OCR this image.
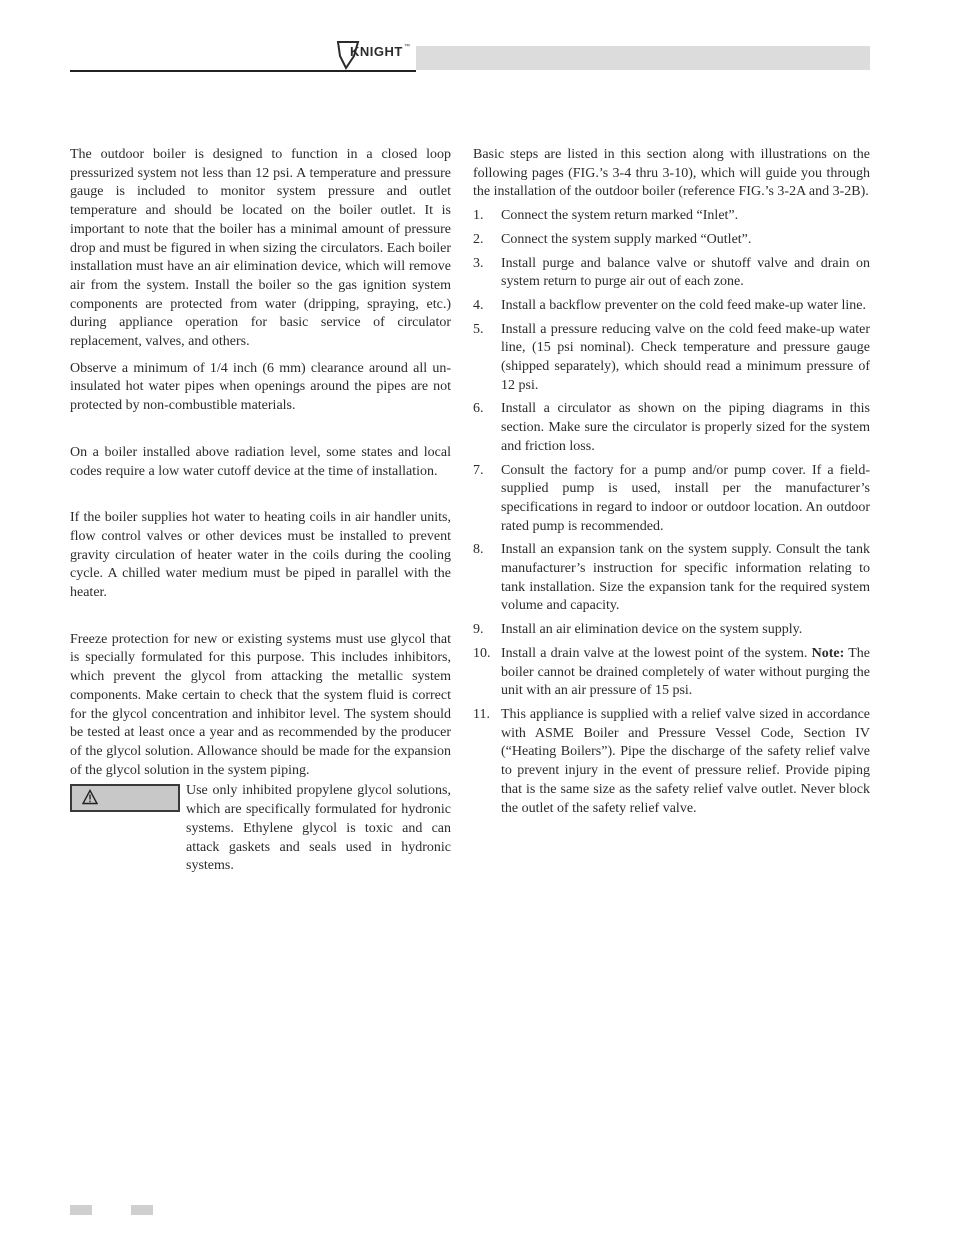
KNIGHT ™

The outdoor boiler is designed to function in a closed loop pressurized system not less than 12 psi. A temperature and pressure gauge is included to monitor system pressure and outlet temperature and should be located on the boiler outlet. It is important to note that the boiler has a minimal amount of pressure drop and must be figured in when sizing the circulators. Each boiler installation must have an air elimination device, which will remove air from the system. Install the boiler so the gas ignition system components are protected from water (dripping, spraying, etc.) during appliance operation for basic service of circulator replacement, valves, and others.

Observe a minimum of 1/4 inch (6 mm) clearance around all un-insulated hot water pipes when openings around the pipes are not protected by non-combustible materials.

On a boiler installed above radiation level, some states and local codes require a low water cutoff device at the time of installation.

If the boiler supplies hot water to heating coils in air handler units, flow control valves or other devices must be installed to prevent gravity circulation of heater water in the coils during the cooling cycle. A chilled water medium must be piped in parallel with the heater.

Freeze protection for new or existing systems must use glycol that is specially formulated for this purpose. This includes inhibitors, which prevent the glycol from attacking the metallic system components. Make certain to check that the system fluid is correct for the glycol concentration and inhibitor level. The system should be tested at least once a year and as recommended by the producer of the glycol solution. Allowance should be made for the expansion of the glycol solution in the system piping.

Use only inhibited propylene glycol solutions, which are specifically formulated for hydronic systems. Ethylene glycol is toxic and can attack gaskets and seals used in hydronic systems.

Basic steps are listed in this section along with illustrations on the following pages (FIG.’s 3-4 thru 3-10), which will guide you through the installation of the outdoor boiler (reference FIG.’s 3-2A and 3-2B).

1. Connect the system return marked “Inlet”.
2. Connect the system supply marked “Outlet”.
3. Install purge and balance valve or shutoff valve and drain on system return to purge air out of each zone.
4. Install a backflow preventer on the cold feed make-up water line.
5. Install a pressure reducing valve on the cold feed make-up water line, (15 psi nominal). Check temperature and pressure gauge (shipped separately), which should read a minimum pressure of 12 psi.
6. Install a circulator as shown on the piping diagrams in this section. Make sure the circulator is properly sized for the system and friction loss.
7. Consult the factory for a pump and/or pump cover. If a field-supplied pump is used, install per the manufacturer’s specifications in regard to indoor or outdoor location. An outdoor rated pump is recommended.
8. Install an expansion tank on the system supply. Consult the tank manufacturer’s instruction for specific information relating to tank installation. Size the expansion tank for the required system volume and capacity.
9. Install an air elimination device on the system supply.
10. Install a drain valve at the lowest point of the system. Note: The boiler cannot be drained completely of water without purging the unit with an air pressure of 15 psi.
11. This appliance is supplied with a relief valve sized in accordance with ASME Boiler and Pressure Vessel Code, Section IV (“Heating Boilers”). Pipe the discharge of the safety relief valve to prevent injury in the event of pressure relief. Provide piping that is the same size as the safety relief valve outlet. Never block the outlet of the safety relief valve.
